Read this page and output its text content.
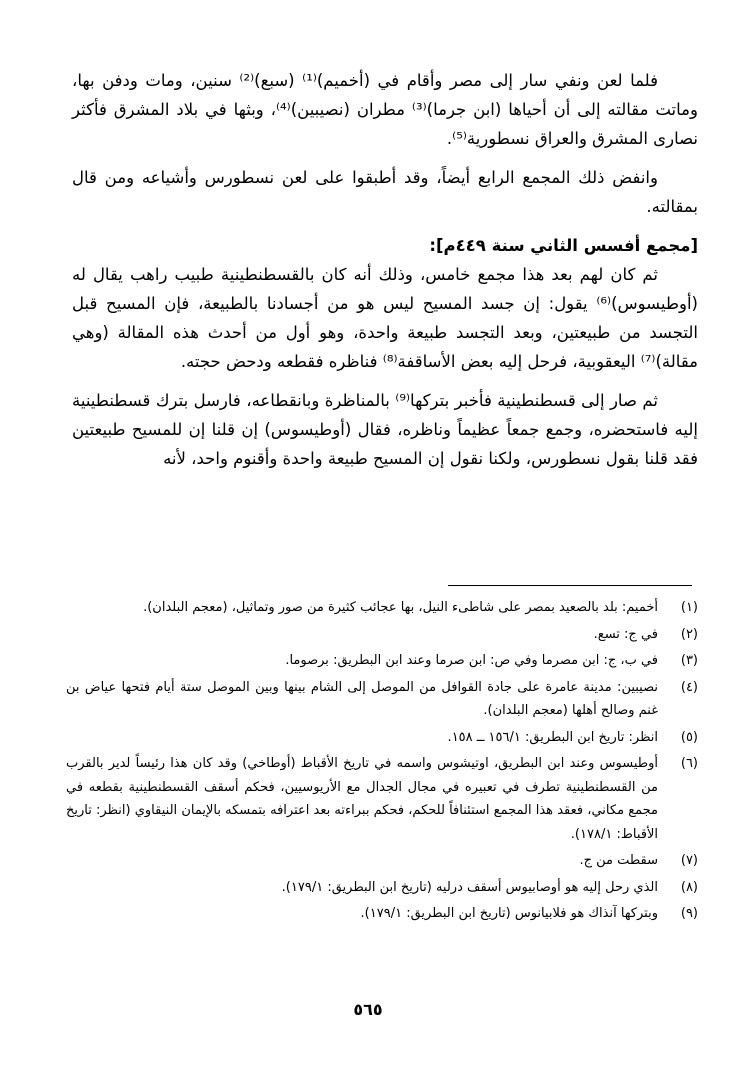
فلما لعن ونفي سار إلى مصر وأقام في (أخميم)⁽¹⁾ (سبع)⁽²⁾ سنين، ومات ودفن بها، وماتت مقالته إلى أن أحياها (ابن جرما)⁽³⁾ مطران (نصيبين)⁽⁴⁾، وبثها في بلاد المشرق فأكثر نصارى المشرق والعراق نسطورية⁽⁵⁾.

وانفض ذلك المجمع الرابع أيضاً، وقد أطبقوا على لعن نسطورس وأشياعه ومن قال بمقالته.

[مجمع أفسس الثاني سنة ٤٤٩م]:

ثم كان لهم بعد هذا مجمع خامس، وذلك أنه كان بالقسطنطينية طبيب راهب يقال له (أوطيسوس)⁽⁶⁾ يقول: إن جسد المسيح ليس هو من أجسادنا بالطبيعة، فإن المسيح قبل التجسد من طبيعتين، وبعد التجسد طبيعة واحدة، وهو أول من أحدث هذه المقالة (وهي مقالة)⁽⁷⁾ اليعقوبية، فرحل إليه بعض الأساقفة⁽⁸⁾ فناظره فقطعه ودحض حجته.

ثم صار إلى قسطنطينية فأخبر بتركها⁽⁹⁾ بالمناظرة وبانقطاعه، فارسل بترك قسطنطينية إليه فاستحضره، وجمع جمعاً عظيماً وناظره، فقال (أوطيسوس) إن قلنا إن للمسيح طبيعتين فقد قلنا بقول نسطورس، ولكنا نقول إن المسيح طبيعة واحدة وأقنوم واحد، لأنه

(١)
أخميم: بلد بالصعيد بمصر على شاطىء النيل، بها عجائب كثيرة من صور وتماثيل، (معجم البلدان).
(٢)
في ج: تسع.
(٣)
في ب، ج: ابن مصرما وفي ص: ابن صرما وعند ابن البطريق: برصوما.
(٤)
نصيبين: مدينة عامرة على جادة القوافل من الموصل إلى الشام بينها وبين الموصل ستة أيام فتحها عياض بن غنم وصالح أهلها (معجم البلدان).
(٥)
انظر: تاريخ ابن البطريق: ١٥٦/١ ــ ١٥٨.
(٦)
أوطيسوس وعند ابن البطريق، اوتيشوس واسمه في تاريخ الأقباط (أوطاخي) وقد كان هذا رئيساً لدير بالقرب من القسطنطينية تطرف في تعبيره في مجال الجدال مع الأريوسيين، فحكم أسقف القسطنطينية بقطعه في مجمع مكاني، فعقد هذا المجمع استئنافاً للحكم، فحكم ببراءته بعد اعترافه بتمسكه بالإيمان النيقاوي (انظر: تاريخ الأقباط: ١٧٨/١).
(٧)
سقطت من ج.
(٨)
الذي رحل إليه هو أوصابيوس أسقف درليه (تاريخ ابن البطريق: ١٧٩/١).
(٩)
وبتركها آنذاك هو فلابيانوس (تاريخ ابن البطريق: ١٧٩/١).
٥٦٥
